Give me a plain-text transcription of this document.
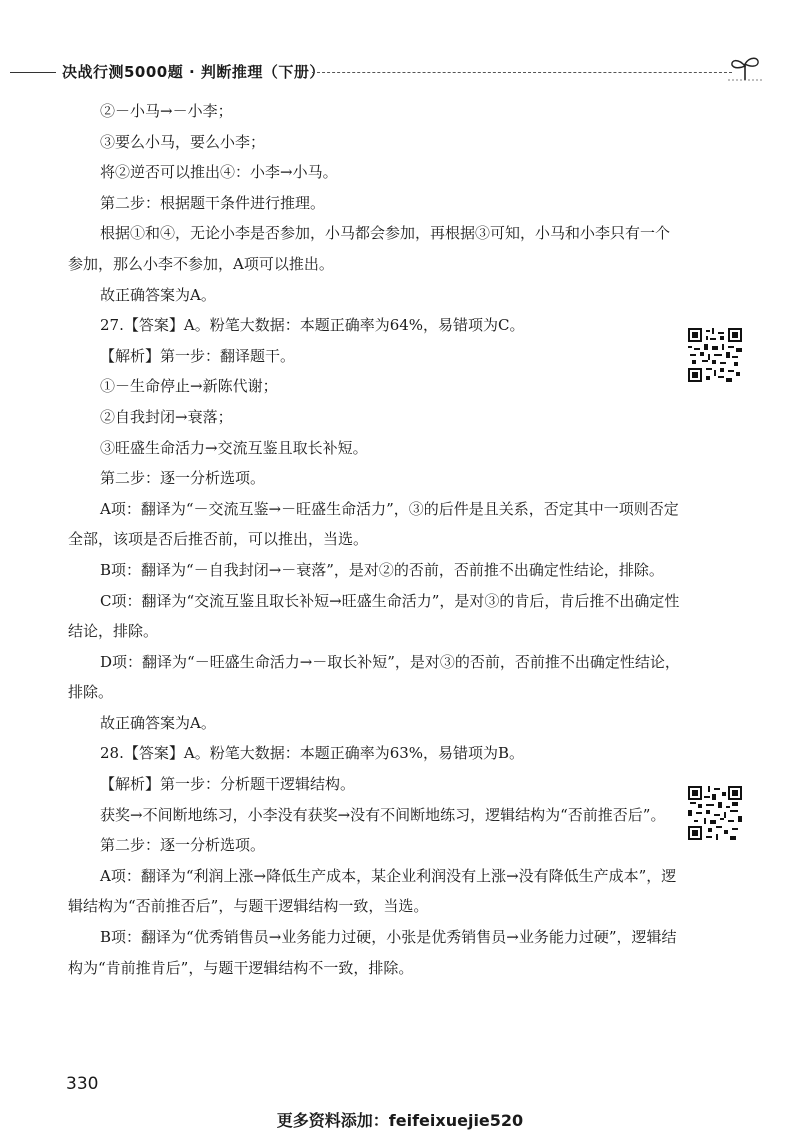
决战行测5000题 · 判断推理（下册）

②－小马→－小李；

③要么小马，要么小李；

将②逆否可以推出④：小李→小马。

第二步：根据题干条件进行推理。

根据①和④，无论小李是否参加，小马都会参加，再根据③可知，小马和小李只有一个参加，那么小李不参加，A项可以推出。

故正确答案为A。

27.【答案】A。粉笔大数据：本题正确率为64%，易错项为C。

【解析】第一步：翻译题干。

①－生命停止→新陈代谢；

②自我封闭→衰落；

③旺盛生命活力→交流互鉴且取长补短。

第二步：逐一分析选项。

A项：翻译为“－交流互鉴→－旺盛生命活力”，③的后件是且关系，否定其中一项则否定全部，该项是否后推否前，可以推出，当选。

B项：翻译为“－自我封闭→－衰落”，是对②的否前，否前推不出确定性结论，排除。

C项：翻译为“交流互鉴且取长补短→旺盛生命活力”，是对③的肯后，肯后推不出确定性结论，排除。

D项：翻译为“－旺盛生命活力→－取长补短”，是对③的否前，否前推不出确定性结论，排除。

故正确答案为A。

28.【答案】A。粉笔大数据：本题正确率为63%，易错项为B。

【解析】第一步：分析题干逻辑结构。

获奖→不间断地练习，小李没有获奖→没有不间断地练习，逻辑结构为“否前推否后”。

第二步：逐一分析选项。

A项：翻译为“利润上涨→降低生产成本，某企业利润没有上涨→没有降低生产成本”，逻辑结构为“否前推否后”，与题干逻辑结构一致，当选。

B项：翻译为“优秀销售员→业务能力过硬，小张是优秀销售员→业务能力过硬”，逻辑结构为“肯前推肯后”，与题干逻辑结构不一致，排除。

330
更多资料添加：feifeixuejie520
